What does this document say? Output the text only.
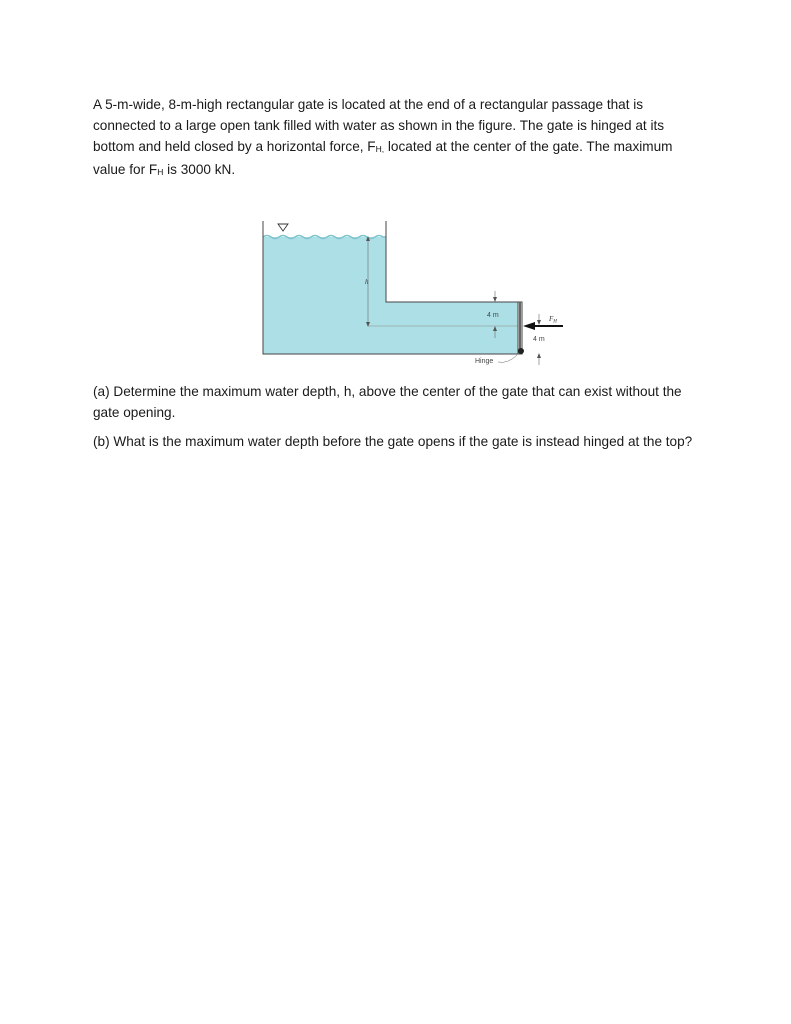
A 5-m-wide, 8-m-high rectangular gate is located at the end of a rectangular passage that is connected to a large open tank filled with water as shown in the figure. The gate is hinged at its bottom and held closed by a horizontal force, $F_{H,}$ located at the center of the gate. The maximum value for $F_H$ is 3000 kN.

h
4 m
Hinge
$F_H$
4 m

(a) Determine the maximum water depth, h, above the center of the gate that can exist without the gate opening.

(b) What is the maximum water depth before the gate opens if the gate is instead hinged at the top?
